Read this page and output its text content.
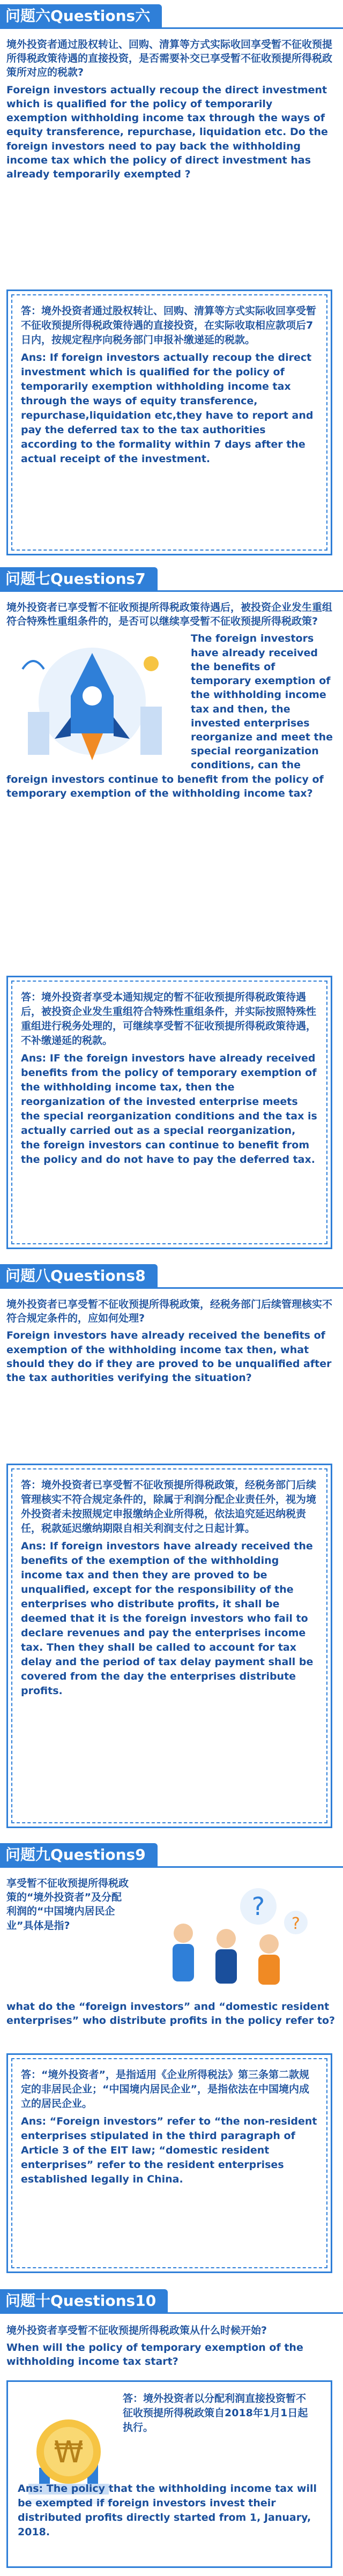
问题六Questions六
境外投资者通过股权转让、回购、清算等方式实际收回享受暂不征收预提所得税政策待遇的直接投资，是否需要补交已享受暂不征收预提所得税政策所对应的税款?
Foreign investors actually recoup the direct investment which is qualified for the policy of temporarily exemption withholding income tax through the ways of equity transference, repurchase, liquidation etc. Do the foreign investors need to pay back the withholding income tax which the policy of direct investment has already temporarily exempted ?
答：境外投资者通过股权转让、回购、清算等方式实际收回享受暂不征收预提所得税政策待遇的直接投资，在实际收取相应款项后7日内，按规定程序向税务部门申报补缴递延的税款。
Ans: If foreign investors actually recoup the direct investment which is qualified for the policy of temporarily exemption withholding income tax through the ways of equity transference, repurchase,liquidation etc,they have to report and pay the deferred tax to the tax authorities according to the formality within 7 days after the actual receipt of the investment.
问题七Questions7
境外投资者已享受暂不征收预提所得税政策待遇后，被投资企业发生重组符合特殊性重组条件的，是否可以继续享受暂不征收预提所得税政策?
The foreign investors have already received the benefits of temporary exemption of the withholding income tax and then, the invested enterprises reorganize and meet the special reorganization conditions, can the foreign investors continue to benefit from the policy of temporary exemption of the withholding income tax?
答：境外投资者享受本通知规定的暂不征收预提所得税政策待遇后，被投资企业发生重组符合特殊性重组条件，并实际按照特殊性重组进行税务处理的，可继续享受暂不征收预提所得税政策待遇，不补缴递延的税款。
Ans: IF the foreign investors have already received benefits from the policy of temporary exemption of the withholding income tax, then the reorganization of the invested enterprise meets the special reorganization conditions and the tax is actually carried out as a special reorganization, the foreign investors can continue to benefit from the policy and do not have to pay the deferred tax.
问题八Questions8
境外投资者已享受暂不征收预提所得税政策，经税务部门后续管理核实不符合规定条件的，应如何处理?
Foreign investors have already received the benefits of exemption of the withholding income tax then, what should they do if they are proved to be unqualified after the tax authorities verifying the situation?
答：境外投资者已享受暂不征收预提所得税政策，经税务部门后续管理核实不符合规定条件的，除属于利润分配企业责任外，视为境外投资者未按照规定申报缴纳企业所得税，依法追究延迟纳税责任，税款延迟缴纳期限自相关利润支付之日起计算。
Ans: If foreign investors have already received the benefits of the exemption of the withholding income tax and then they are proved to be unqualified, except for the responsibility of the enterprises who distribute profits, it shall be deemed that it is the foreign investors who fail to declare revenues and pay the enterprises income tax. Then they shall be called to account for tax delay and the period of tax delay payment shall be covered from the day the enterprises distribute profits.
问题九Questions9
享受暂不征收预提所得税政策的“境外投资者”及分配利润的“中国境内居民企业”具体是指?
?
?
what do the “foreign investors” and “domestic resident enterprises” who distribute profits in the policy refer to?
答：“境外投资者”，是指适用《企业所得税法》第三条第二款规定的非居民企业；“中国境内居民企业”，是指依法在中国境内成立的居民企业。
Ans: “Foreign investors” refer to “the non-resident enterprises stipulated in the third paragraph of Article 3 of the EIT law; “domestic resident enterprises” refer to the resident enterprises established legally in China.
问题十Questions10
境外投资者享受暂不征收预提所得税政策从什么时候开始?
When will the policy of temporary exemption of the withholding income tax start?
₩
答：境外投资者以分配利润直接投资暂不征收预提所得税政策自2018年1月1日起执行。
Ans: The policy that the withholding income tax will be exempted if foreign investors invest their distributed profits directly started from 1, January, 2018.
